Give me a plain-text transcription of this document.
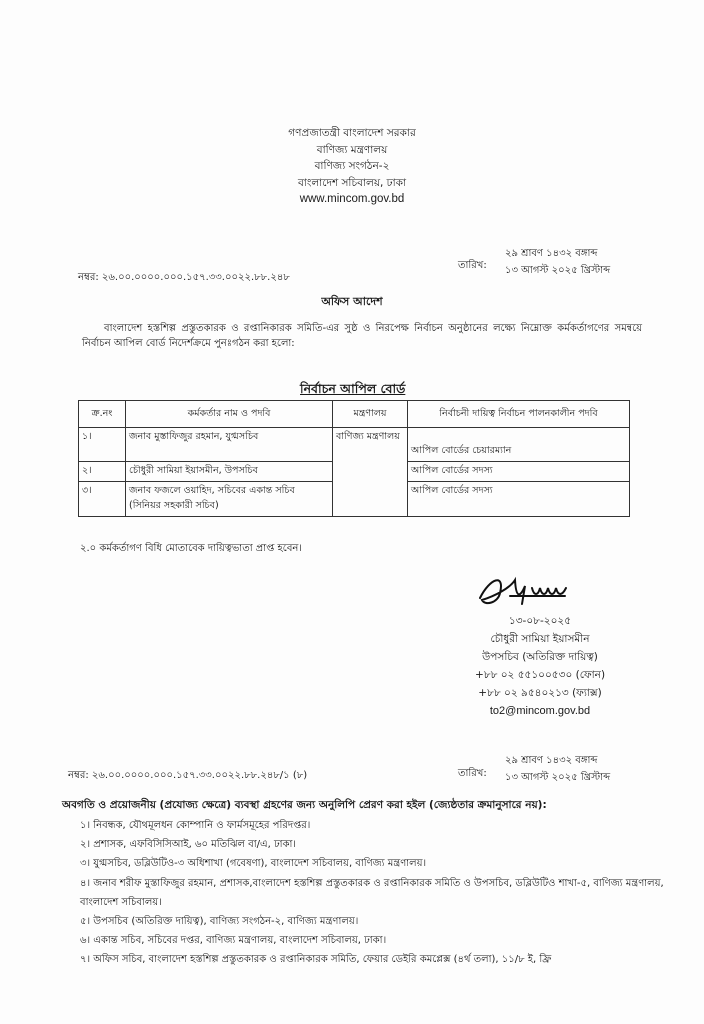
গণপ্রজাতন্ত্রী বাংলাদেশ সরকার
বাণিজ্য মন্ত্রণালয়
বাণিজ্য সংগঠন-২
বাংলাদেশ সচিবালয়, ঢাকা
www.mincom.gov.bd
তারিখ:
২৯ শ্রাবণ ১৪৩২ বঙ্গাব্দ
১৩ আগস্ট ২০২৫ খ্রিস্টাব্দ
নম্বর: ২৬.০০.০০০০.০০০.১৫৭.৩৩.০০২২.৮৮.২৪৮
অফিস আদেশ
বাংলাদেশ হস্তশিল্প প্রস্তুতকারক ও রপ্তানিকারক সমিতি-এর সুষ্ঠ ও নিরপেক্ষ নির্বাচন অনুষ্ঠানের লক্ষ্যে নিম্নোক্ত কর্মকর্তাগণের সমন্বয়ে নির্বাচন আপিল বোর্ড নিদের্শক্রমে পুনঃগঠন করা হলো:
নির্বাচন আপিল বোর্ড
ক্র.নং	কর্মকর্তার নাম ও পদবি	মন্ত্রণালয়	নির্বাচনী দায়িত্ব নির্বাচন পালনকালীন পদবি
১।	জনাব মুস্তাফিজুর রহমান, যুগ্মসচিব	বাণিজ্য মন্ত্রণালয়	আপিল বোর্ডের চেয়ারম্যান
২।	চৌধুরী সামিয়া ইয়াসমীন, উপসচিব		আপিল বোর্ডের সদস্য
৩।	জনাব ফজলে ওয়াহিদ, সচিবের একান্ত সচিব (সিনিয়র সহকারী সচিব)		আপিল বোর্ডের সদস্য
২.০ কর্মকর্তাগণ বিধি মোতাবেক দায়িত্বভাতা প্রাপ্ত হবেন।
১৩-০৮-২০২৫
চৌধুরী সামিয়া ইয়াসমীন
উপসচিব (অতিরিক্ত দায়িত্ব)
+৮৮ ০২ ৫৫১০০৫৩০ (ফোন)
+৮৮ ০২ ৯৫৪০২১৩ (ফ্যাক্স)
to2@mincom.gov.bd
তারিখ:
২৯ শ্রাবণ ১৪৩২ বঙ্গাব্দ
১৩ আগস্ট ২০২৫ খ্রিস্টাব্দ
নম্বর: ২৬.০০.০০০০.০০০.১৫৭.৩৩.০০২২.৮৮.২৪৮/১ (৮)
অবগতি ও প্রয়োজনীয় (প্রযোজ্য ক্ষেত্রে) ব্যবস্থা গ্রহণের জন্য অনুলিপি প্রেরণ করা হইল (জ্যেষ্ঠতার ক্রমানুসারে নয়):
১। নিবন্ধক, যৌথমূলধন কোম্পানি ও ফার্মসমূহের পরিদপ্তর।
২। প্রশাসক, এফবিসিসিআই, ৬০ মতিঝিল বা/এ, ঢাকা।
৩। যুগ্মসচিব, ডব্লিউটিও-৩ অধিশাখা (গবেষণা), বাংলাদেশ সচিবালয়, বাণিজ্য মন্ত্রণালয়।
৪। জনাব শরীফ মুস্তাফিজুর রহমান, প্রশাসক,বাংলাদেশ হস্তশিল্প প্রস্তুতকারক ও রপ্তানিকারক সমিতি ও উপসচিব, ডব্লিউটিও শাখা-৫, বাণিজ্য মন্ত্রণালয়, বাংলাদেশ সচিবালয়।
৫। উপসচিব (অতিরিক্ত দায়িত্ব), বাণিজ্য সংগঠন-২, বাণিজ্য মন্ত্রণালয়।
৬। একান্ত সচিব, সচিবের দপ্তর, বাণিজ্য মন্ত্রণালয়, বাংলাদেশ সচিবালয়, ঢাকা।
৭। অফিস সচিব, বাংলাদেশ হস্তশিল্প প্রস্তুতকারক ও রপ্তানিকারক সমিতি, ফেয়ার ডেইরি কমপ্লেক্স (৪র্থ তলা), ১১/৮ ই, ফ্রি
